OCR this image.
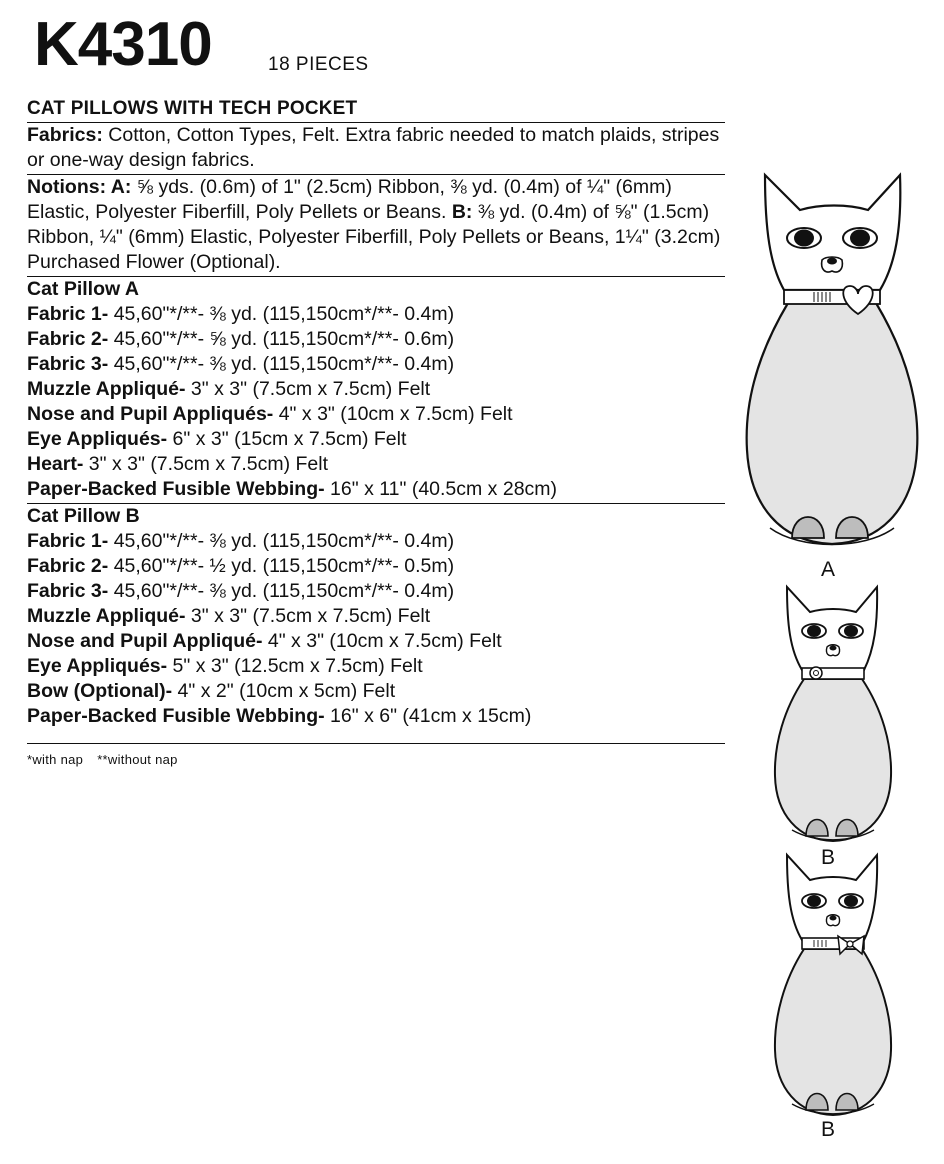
K4310	18 PIECES
CAT PILLOWS WITH TECH POCKET

Fabrics: Cotton, Cotton Types, Felt. Extra fabric needed to match plaids, stripes or one-way design fabrics.

Notions: A: ⅝ yds. (0.6m) of 1" (2.5cm) Ribbon, ⅜ yd. (0.4m) of ¼" (6mm) Elastic, Polyester Fiberfill, Poly Pellets or Beans. B: ⅜ yd. (0.4m) of ⅝" (1.5cm) Ribbon, ¼" (6mm) Elastic, Polyester Fiberfill, Poly Pellets or Beans, 1¼" (3.2cm) Purchased Flower (Optional).

Cat Pillow A
Fabric 1- 45,60"*/**- ⅜ yd. (115,150cm*/**- 0.4m)
Fabric 2- 45,60"*/**- ⅝ yd. (115,150cm*/**- 0.6m)
Fabric 3- 45,60"*/**- ⅜ yd. (115,150cm*/**- 0.4m)
Muzzle Appliqué- 3" x 3" (7.5cm x 7.5cm) Felt
Nose and Pupil Appliqués- 4" x 3" (10cm x 7.5cm) Felt
Eye Appliqués- 6" x 3" (15cm x 7.5cm) Felt
Heart- 3" x 3" (7.5cm x 7.5cm) Felt
Paper-Backed Fusible Webbing- 16" x 11" (40.5cm x 28cm)
Cat Pillow B
Fabric 1- 45,60"*/**- ⅜ yd. (115,150cm*/**- 0.4m)
Fabric 2- 45,60"*/**- ½ yd. (115,150cm*/**- 0.5m)
Fabric 3- 45,60"*/**- ⅜ yd. (115,150cm*/**- 0.4m)
Muzzle Appliqué- 3" x 3" (7.5cm x 7.5cm) Felt
Nose and Pupil Appliqué- 4" x 3" (10cm x 7.5cm) Felt
Eye Appliqués- 5" x 3" (12.5cm x 7.5cm) Felt
Bow (Optional)- 4" x 2" (10cm x 5cm) Felt
Paper-Backed Fusible Webbing- 16" x 6" (41cm x 15cm)
*with nap **without nap
A
B
B
